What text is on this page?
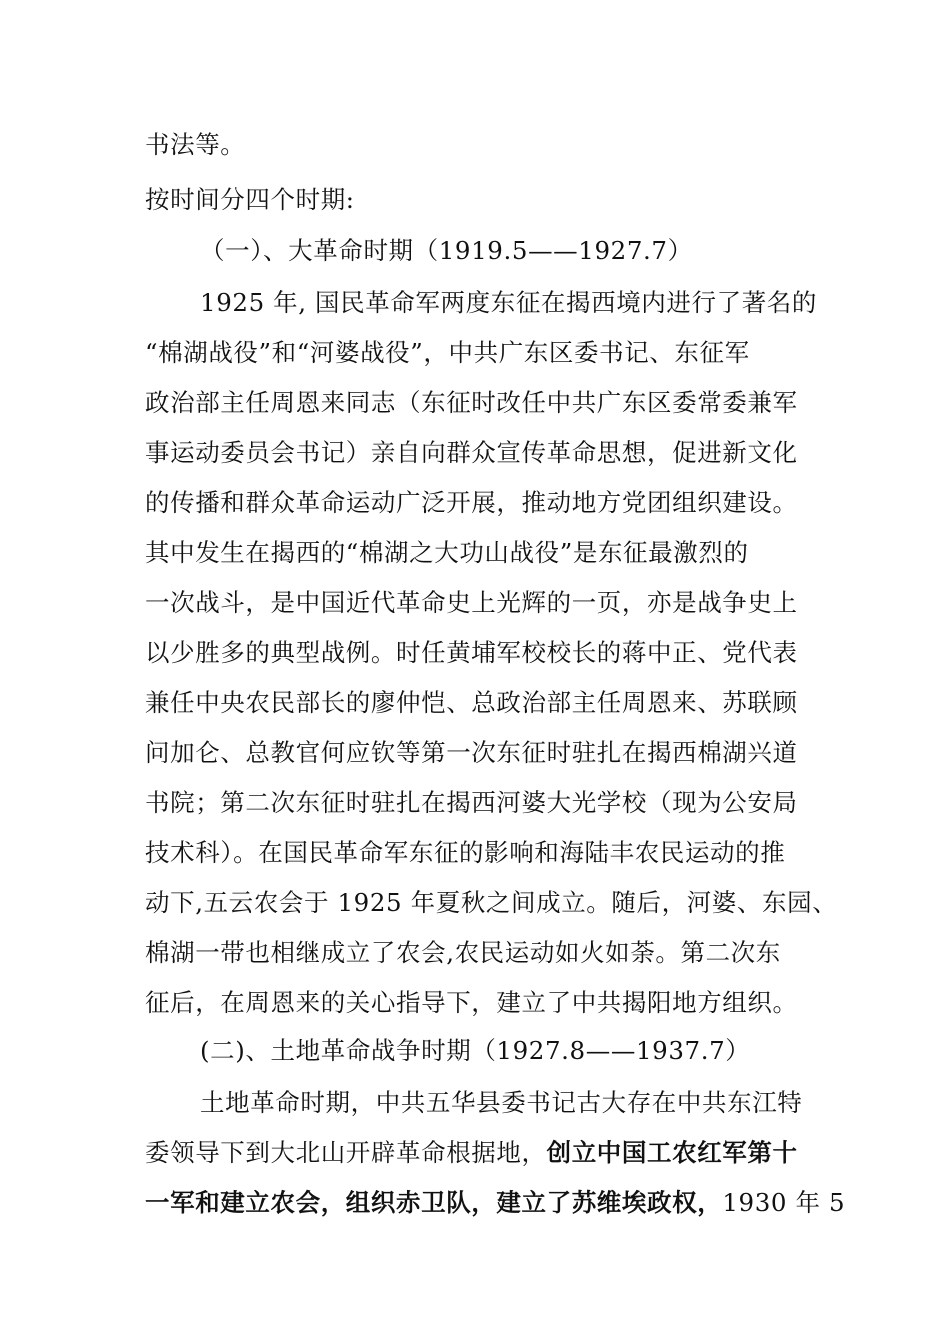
书法等。
按时间分四个时期:
（一）、大革命时期（1919.5——1927.7）
1925 年, 国民革命军两度东征在揭西境内进行了著名的
“棉湖战役”和“河婆战役”，中共广东区委书记、东征军
政治部主任周恩来同志（东征时改任中共广东区委常委兼军
事运动委员会书记）亲自向群众宣传革命思想，促进新文化
的传播和群众革命运动广泛开展，推动地方党团组织建设。
其中发生在揭西的“棉湖之大功山战役”是东征最激烈的
一次战斗，是中国近代革命史上光辉的一页，亦是战争史上
以少胜多的典型战例。时任黄埔军校校长的蒋中正、党代表
兼任中央农民部长的廖仲恺、总政治部主任周恩来、苏联顾
问加仑、总教官何应钦等第一次东征时驻扎在揭西棉湖兴道
书院；第二次东征时驻扎在揭西河婆大光学校（现为公安局
技术科）。在国民革命军东征的影响和海陆丰农民运动的推
动下,五云农会于 1925 年夏秋之间成立。随后，河婆、东园、
棉湖一带也相继成立了农会,农民运动如火如荼。第二次东
征后，在周恩来的关心指导下，建立了中共揭阳地方组织。
(二)、土地革命战争时期（1927.8——1937.7）
土地革命时期，中共五华县委书记古大存在中共东江特
委领导下到大北山开辟革命根据地，创立中国工农红军第十
一军和建立农会，组织赤卫队，建立了苏维埃政权，1930 年 5
